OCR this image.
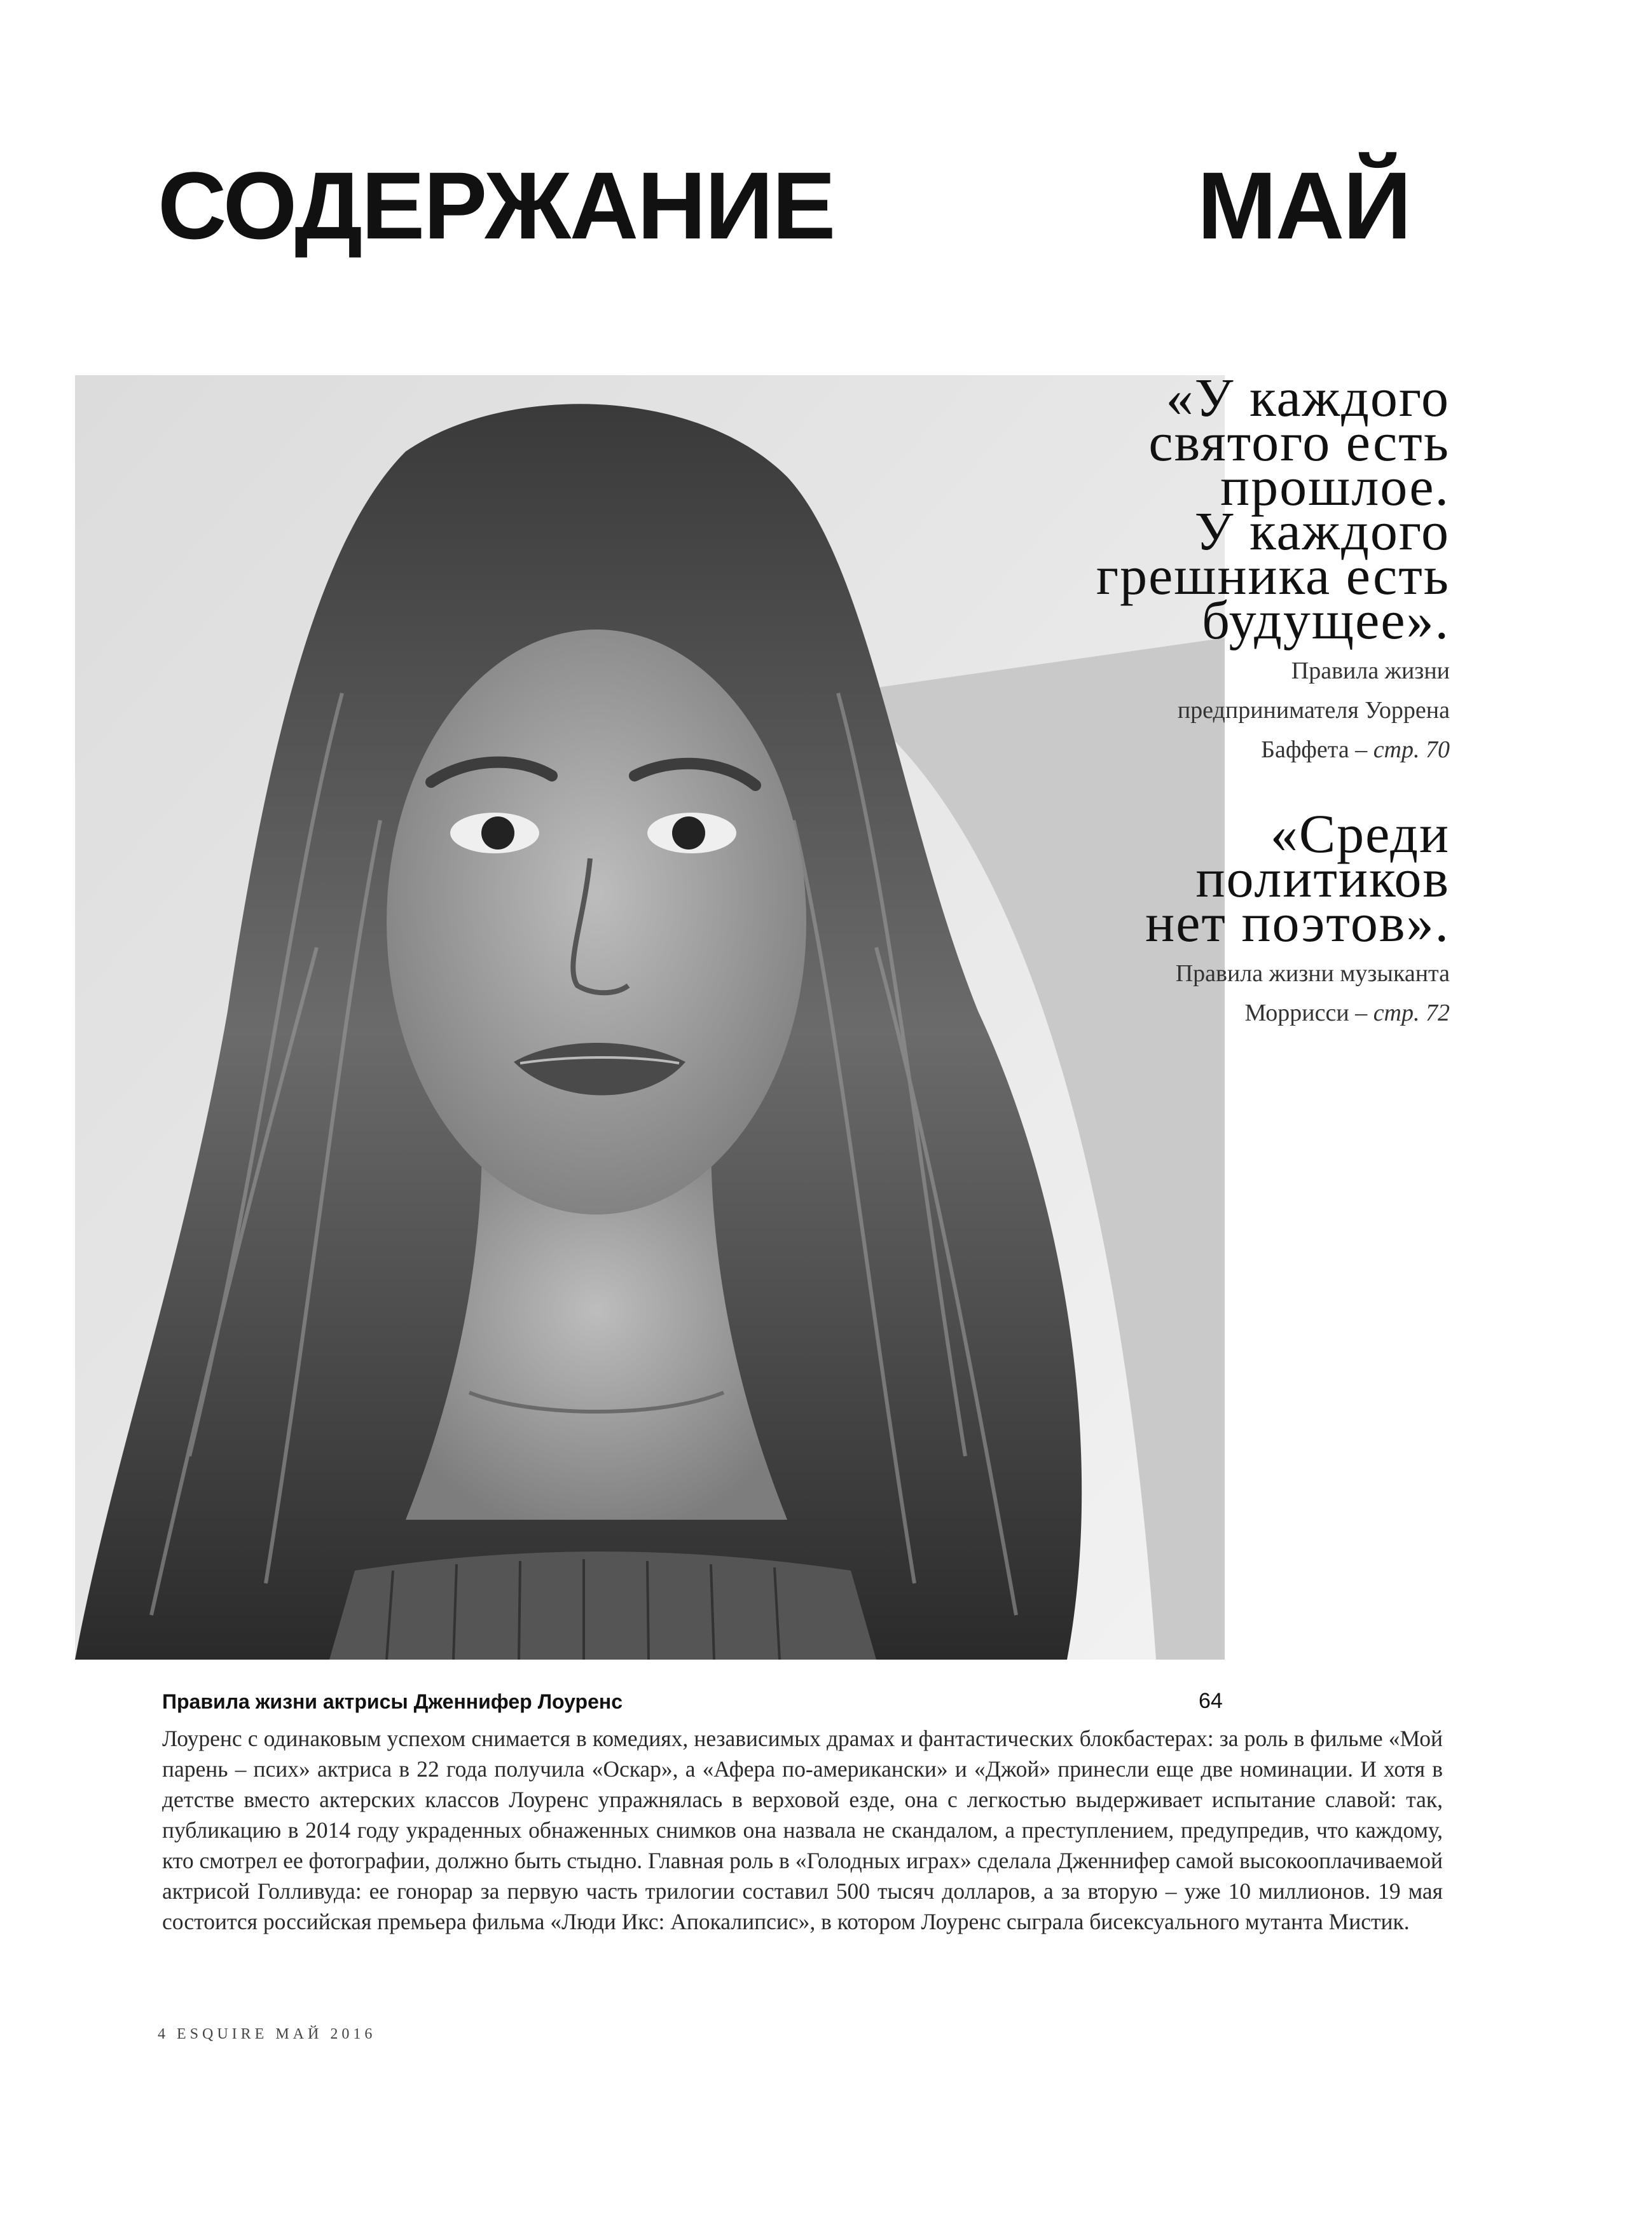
СОДЕРЖАНИЕ	МАЙ

«У каждого
святого есть
прошлое.
У каждого
грешника есть
будущее».

Правила жизни
предпринимателя Уоррена
Баффета – стр. 70

«Среди
политиков
нет поэтов».

Правила жизни музыканта
Моррисси – стр. 72

Правила жизни актрисы Дженнифер Лоуренс	64

Лоуренс с одинаковым успехом снимается в комедиях, независимых драмах и фантастических блокбастерах: за роль в фильме «Мой парень – псих» актриса в 22 года получила «Оскар», а «Афера по-американски» и «Джой» принесли еще две номинации. И хотя в детстве вместо актерских классов Лоуренс упражнялась в верховой езде, она с легкостью выдерживает испытание славой: так, публикацию в 2014 году украденных обнаженных снимков она назвала не скандалом, а преступлением, предупредив, что каждому, кто смотрел ее фотографии, должно быть стыдно. Главная роль в «Голодных играх» сделала Дженнифер самой высокооплачиваемой актрисой Голливуда: ее гонорар за первую часть трилогии составил 500 тысяч долларов, а за вторую – уже 10 миллионов. 19 мая состоится российская премьера фильма «Люди Икс: Апокалипсис», в котором Лоуренс сыграла бисексуального мутанта Мистик.

4 ESQUIRE МАЙ 2016
